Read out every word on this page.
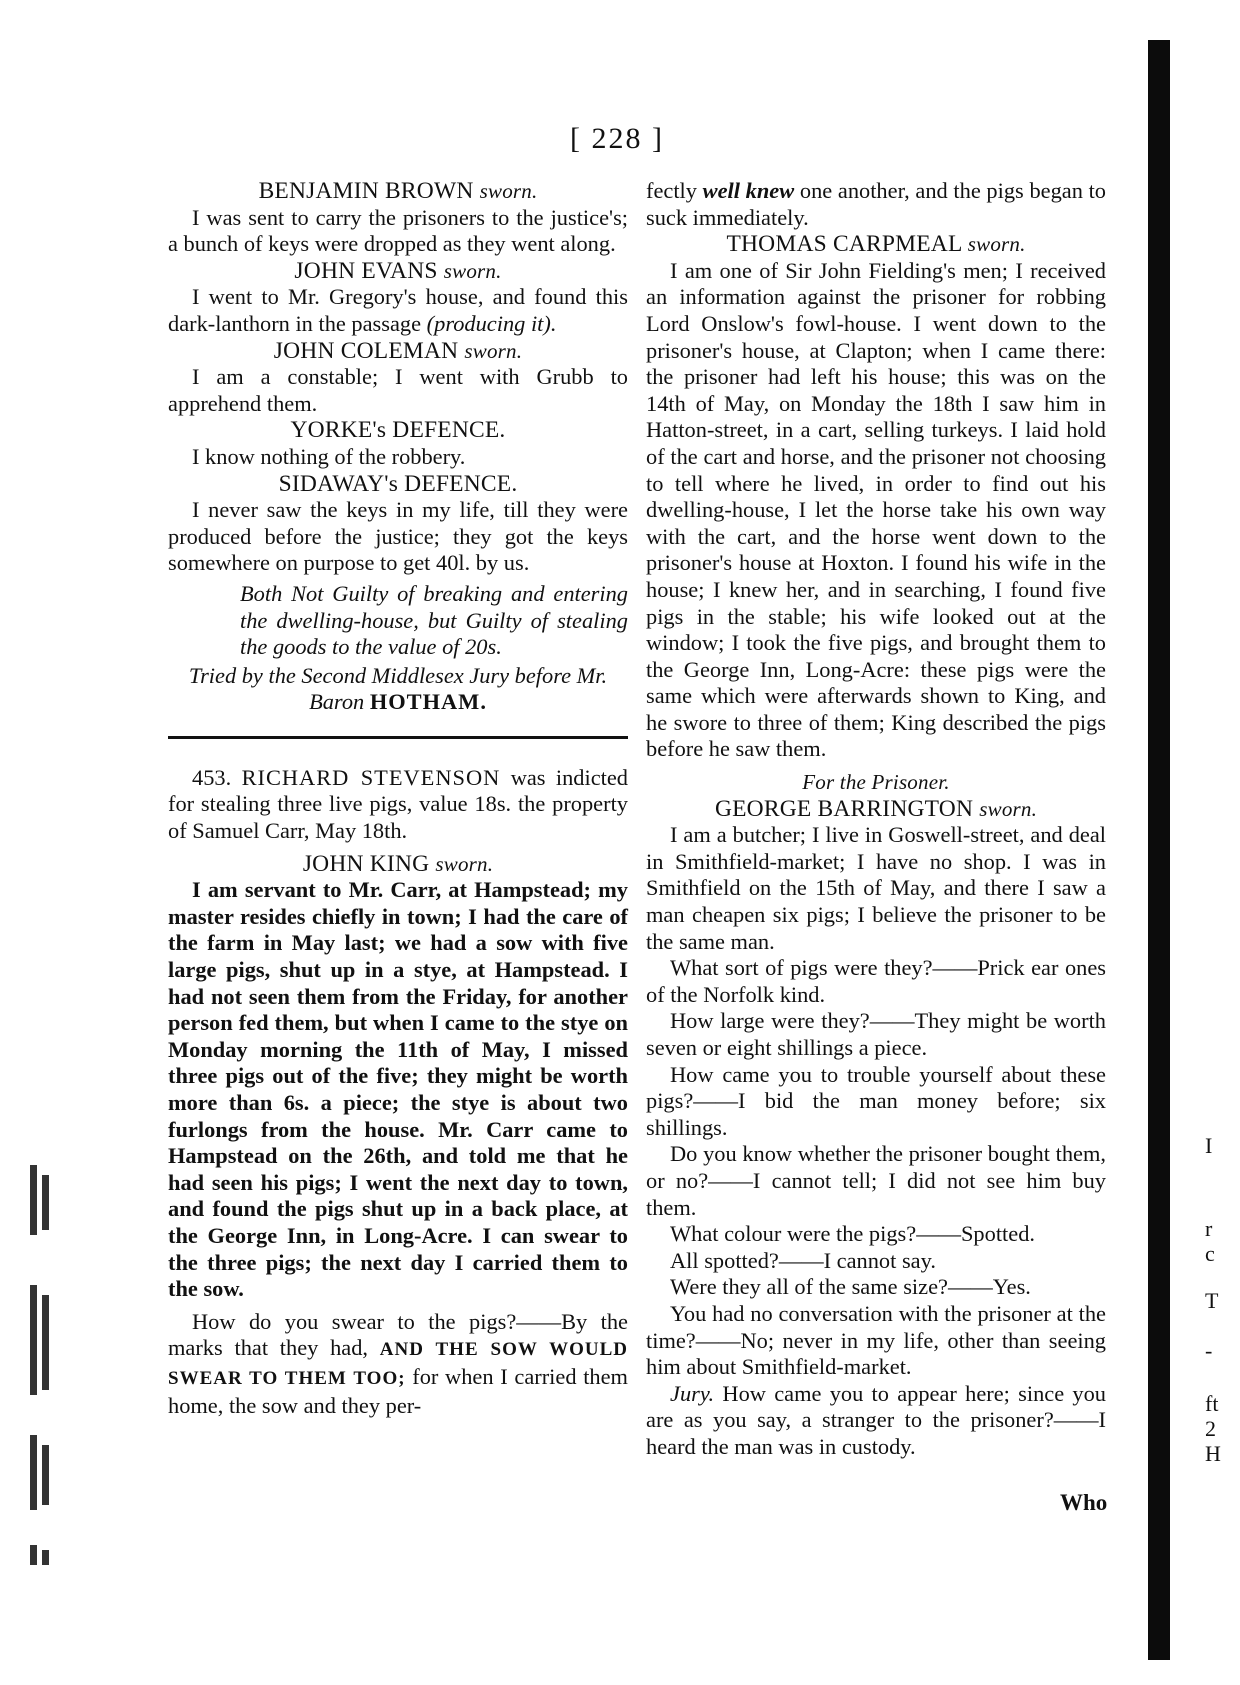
I
r
c
T
-
ft
2
H
[ 228 ]

BENJAMIN BROWN sworn.

I was sent to carry the prisoners to the justice's; a bunch of keys were dropped as they went along.

JOHN EVANS sworn.

I went to Mr. Gregory's house, and found this dark-lanthorn in the passage (producing it).

JOHN COLEMAN sworn.

I am a constable; I went with Grubb to apprehend them.

YORKE's DEFENCE.

I know nothing of the robbery.

SIDAWAY's DEFENCE.

I never saw the keys in my life, till they were produced before the justice; they got the keys somewhere on purpose to get 40l. by us.

Both Not Guilty of breaking and entering the dwelling-house, but Guilty of stealing the goods to the value of 20s.

Tried by the Second Middlesex Jury before Mr. Baron HOTHAM.

453. RICHARD STEVENSON was indicted for stealing three live pigs, value 18s. the property of Samuel Carr, May 18th.

JOHN KING sworn.

I am servant to Mr. Carr, at Hampstead; my master resides chiefly in town; I had the care of the farm in May last; we had a sow with five large pigs, shut up in a stye, at Hampstead. I had not seen them from the Friday, for another person fed them, but when I came to the stye on Monday morning the 11th of May, I missed three pigs out of the five; they might be worth more than 6s. a piece; the stye is about two furlongs from the house. Mr. Carr came to Hampstead on the 26th, and told me that he had seen his pigs; I went the next day to town, and found the pigs shut up in a back place, at the George Inn, in Long-Acre. I can swear to the three pigs; the next day I carried them to the sow.

How do you swear to the pigs?——By the marks that they had, AND THE SOW WOULD SWEAR TO THEM TOO; for when I carried them home, the sow and they per-

fectly well knew one another, and the pigs began to suck immediately.

THOMAS CARPMEAL sworn.

I am one of Sir John Fielding's men; I received an information against the prisoner for robbing Lord Onslow's fowl-house. I went down to the prisoner's house, at Clapton; when I came there: the prisoner had left his house; this was on the 14th of May, on Monday the 18th I saw him in Hatton-street, in a cart, selling turkeys. I laid hold of the cart and horse, and the prisoner not choosing to tell where he lived, in order to find out his dwelling-house, I let the horse take his own way with the cart, and the horse went down to the prisoner's house at Hoxton. I found his wife in the house; I knew her, and in searching, I found five pigs in the stable; his wife looked out at the window; I took the five pigs, and brought them to the George Inn, Long-Acre: these pigs were the same which were afterwards shown to King, and he swore to three of them; King described the pigs before he saw them.

For the Prisoner.

GEORGE BARRINGTON sworn.

I am a butcher; I live in Goswell-street, and deal in Smithfield-market; I have no shop. I was in Smithfield on the 15th of May, and there I saw a man cheapen six pigs; I believe the prisoner to be the same man.

What sort of pigs were they?——Prick ear ones of the Norfolk kind.

How large were they?——They might be worth seven or eight shillings a piece.

How came you to trouble yourself about these pigs?——I bid the man money before; six shillings.

Do you know whether the prisoner bought them, or no?——I cannot tell; I did not see him buy them.

What colour were the pigs?——Spotted.

All spotted?——I cannot say.

Were they all of the same size?——Yes.

You had no conversation with the prisoner at the time?——No; never in my life, other than seeing him about Smithfield-market.

Jury. How came you to appear here; since you are as you say, a stranger to the prisoner?——I heard the man was in custody.

Who
